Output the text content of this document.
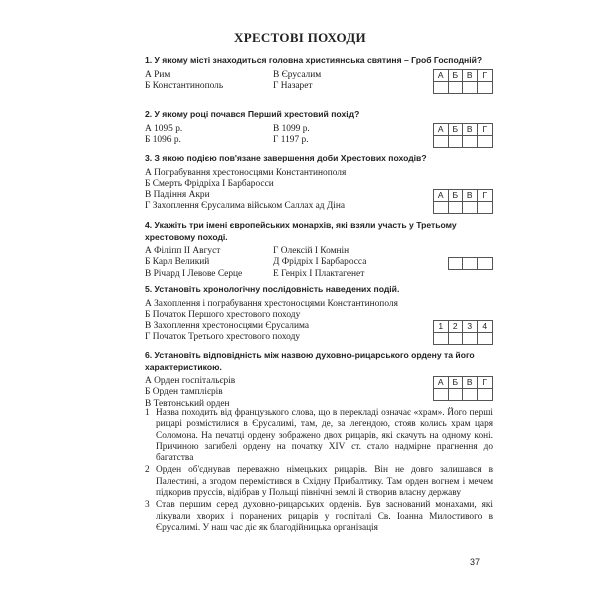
ХРЕСТОВІ ПОХОДИ
1. У якому місті знаходиться головна християнська святиня – Гроб Господній?
А Рим	В Єрусалим
Б Константинополь	Г Назарет
А	Б	В	Г
2. У якому році почався Перший хрестовий похід?
А 1095 р.	В 1099 р.
Б 1096 р.	Г 1197 р.
А	Б	В	Г
3. З якою подією пов'язане завершення доби Хрестових походів?
А Пограбування хрестоносцями Константинополя
Б Смерть Фрідріха І Барбаросси
В Падіння Акри
Г Захоплення Єрусалима військом Саллах ад Діна
А	Б	В	Г
4. Укажіть три імені європейських монархів, які взяли участь у Третьому хрестовому поході.
А Філіпп ІІ Август	Г Олексій І Комнін
Б Карл Великий	Д Фрідріх І Барбаросса
В Річард І Левове Серце	Е Генріх І Плактагенет
5. Установіть хронологічну послідовність наведених подій.
А Захоплення і пограбування хрестоносцями Константинополя
Б Початок Першого хрестового походу
В Захоплення хрестоносцями Єрусалима
Г Початок Третього хрестового походу
1	2	3	4
6. Установіть відповідність між назвою духовно-рицарського ордену та його характеристикою.
А Орден госпітальєрів
Б Орден тамплієрів
В Тевтонський орден
А	Б	В	Г
1 Назва походить від французького слова, що в перекладі означає «храм». Його перші рицарі розмістилися в Єрусалимі, там, де, за легендою, стояв колись храм царя Соломона. На печатці ордену зображено двох рицарів, які скачуть на одному коні. Причиною загибелі ордену на початку XIV ст. стало надмірне прагнення до багатства
2 Орден об'єднував переважно німецьких рицарів. Він не довго залишався в Палестині, а згодом перемістився в Східну Прибалтику. Там орден вогнем і мечем підкорив пруссів, відібрав у Польщі північні землі й створив власну державу
3 Став першим серед духовно-рицарських орденів. Був заснований монахами, які лікували хворих і поранених рицарів у госпіталі Св. Іоанна Милостивого в Єрусалимі. У наш час діє як благодійницька організація
37
